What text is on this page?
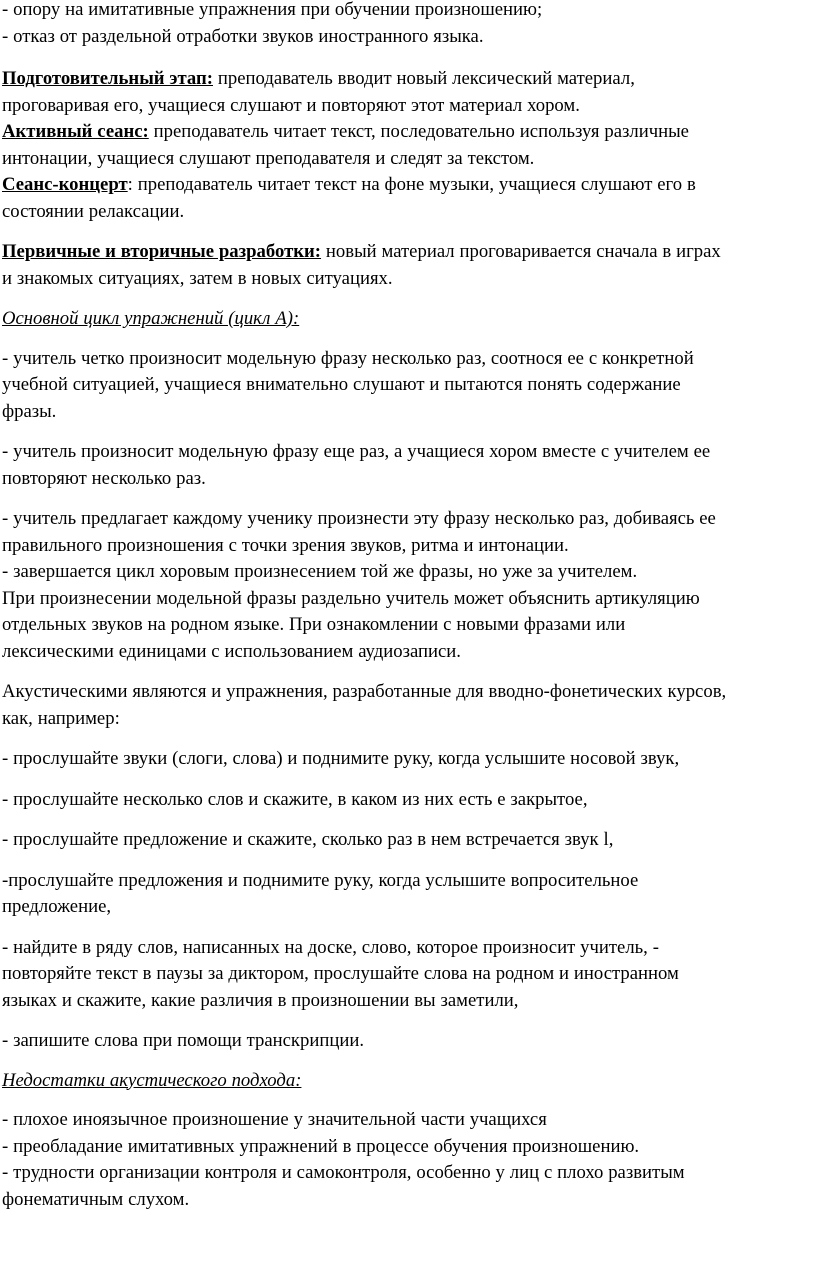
- опору на имитативные упражнения при обучении произношению;
- отказ от раздельной отработки звуков иностранного языка.

Подготовительный этап: преподаватель вводит новый лексический материал,
проговаривая его, учащиеся слушают и повторяют этот материал хором.
Активный сеанс: преподаватель читает текст, последовательно используя различные
интонации, учащиеся слушают преподавателя и следят за текстом.
Сеанс-концерт: преподаватель читает текст на фоне музыки, учащиеся слушают его в
состоянии релаксации.

Первичные и вторичные разработки: новый материал проговаривается сначала в играх
и знакомых ситуациях, затем в новых ситуациях.

Основной цикл упражнений (цикл А):

- учитель четко произносит модельную фразу несколько раз, соотнося ее с конкретной
учебной ситуацией, учащиеся внимательно слушают и пытаются понять содержание
фразы.

- учитель произносит модельную фразу еще раз, а учащиеся хором вместе с учителем ее
повторяют несколько раз.

- учитель предлагает каждому ученику произнести эту фразу несколько раз, добиваясь ее
правильного произношения с точки зрения звуков, ритма и интонации.
- завершается цикл хоровым произнесением той же фразы, но уже за учителем.
При произнесении модельной фразы раздельно учитель может объяснить артикуляцию
отдельных звуков на родном языке. При ознакомлении с новыми фразами или
лексическими единицами с использованием аудиозаписи.

Акустическими являются и упражнения, разработанные для вводно-фонетических курсов,
как, например:

- прослушайте звуки (слоги, слова) и поднимите руку, когда услышите носовой звук,

- прослушайте несколько слов и скажите, в каком из них есть е закрытое,

- прослушайте предложение и скажите, сколько раз в нем встречается звук l,

-прослушайте предложения и поднимите руку, когда услышите вопросительное
предложение,

- найдите в ряду слов, написанных на доске, слово, которое произносит учитель, -
повторяйте текст в паузы за диктором, прослушайте слова на родном и иностранном
языках и скажите, какие различия в произношении вы заметили,

- запишите слова при помощи транскрипции.

Недостатки акустического подхода:

- плохое иноязычное произношение у значительной части учащихся
- преобладание имитативных упражнений в процессе обучения произношению.
- трудности организации контроля и самоконтроля, особенно у лиц с плохо развитым
фонематичным слухом.
